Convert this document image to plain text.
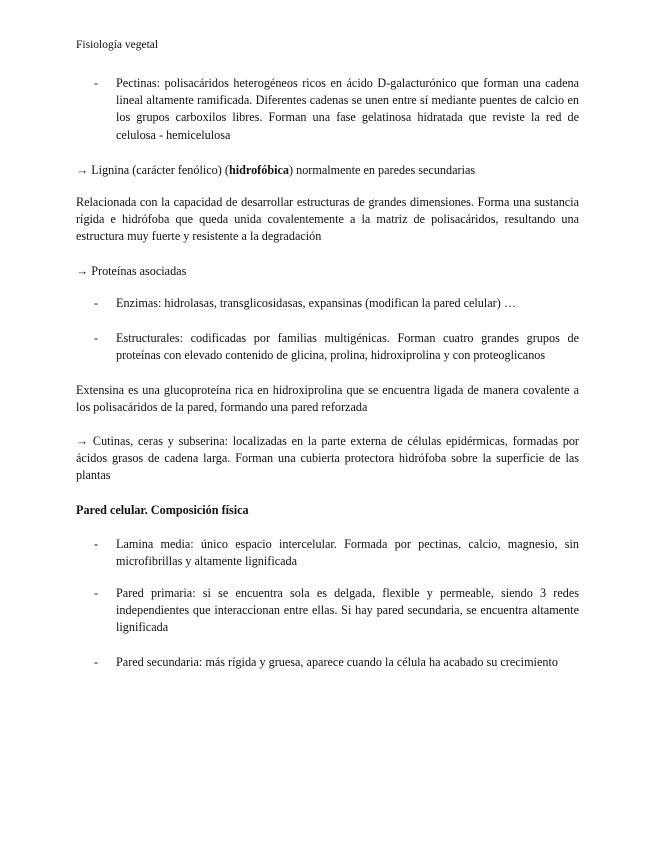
Fisiología vegetal
- Pectinas: polisacáridos heterogéneos ricos en ácido D-galacturónico que forman una cadena lineal altamente ramificada. Diferentes cadenas se unen entre sí mediante puentes de calcio en los grupos carboxilos libres. Forman una fase gelatinosa hidratada que reviste la red de celulosa - hemicelulosa
→ Lignina (carácter fenólico) (hidrofóbica) normalmente en paredes secundarias
Relacionada con la capacidad de desarrollar estructuras de grandes dimensiones. Forma una sustancia rígida e hidrófoba que queda unida covalentemente a la matriz de polisacáridos, resultando una estructura muy fuerte y resistente a la degradación
→ Proteínas asociadas
- Enzimas: hidrolasas, transglicosidasas, expansinas (modifican la pared celular) …
- Estructurales: codificadas por familias multigénicas. Forman cuatro grandes grupos de proteínas con elevado contenido de glicina, prolina, hidroxiprolina y con proteoglicanos
Extensina es una glucoproteína rica en hidroxiprolina que se encuentra ligada de manera covalente a los polisacáridos de la pared, formando una pared reforzada
→ Cutinas, ceras y subserina: localizadas en la parte externa de células epidérmicas, formadas por ácidos grasos de cadena larga. Forman una cubierta protectora hidrófoba sobre la superficie de las plantas
Pared celular. Composición física
- Lamina media: único espacio intercelular. Formada por pectinas, calcio, magnesio, sin microfibrillas y altamente lignificada
- Pared primaria: si se encuentra sola es delgada, flexible y permeable, siendo 3 redes independientes que interaccionan entre ellas. Si hay pared secundaria, se encuentra altamente lignificada
- Pared secundaria: más rígida y gruesa, aparece cuando la célula ha acabado su crecimiento
